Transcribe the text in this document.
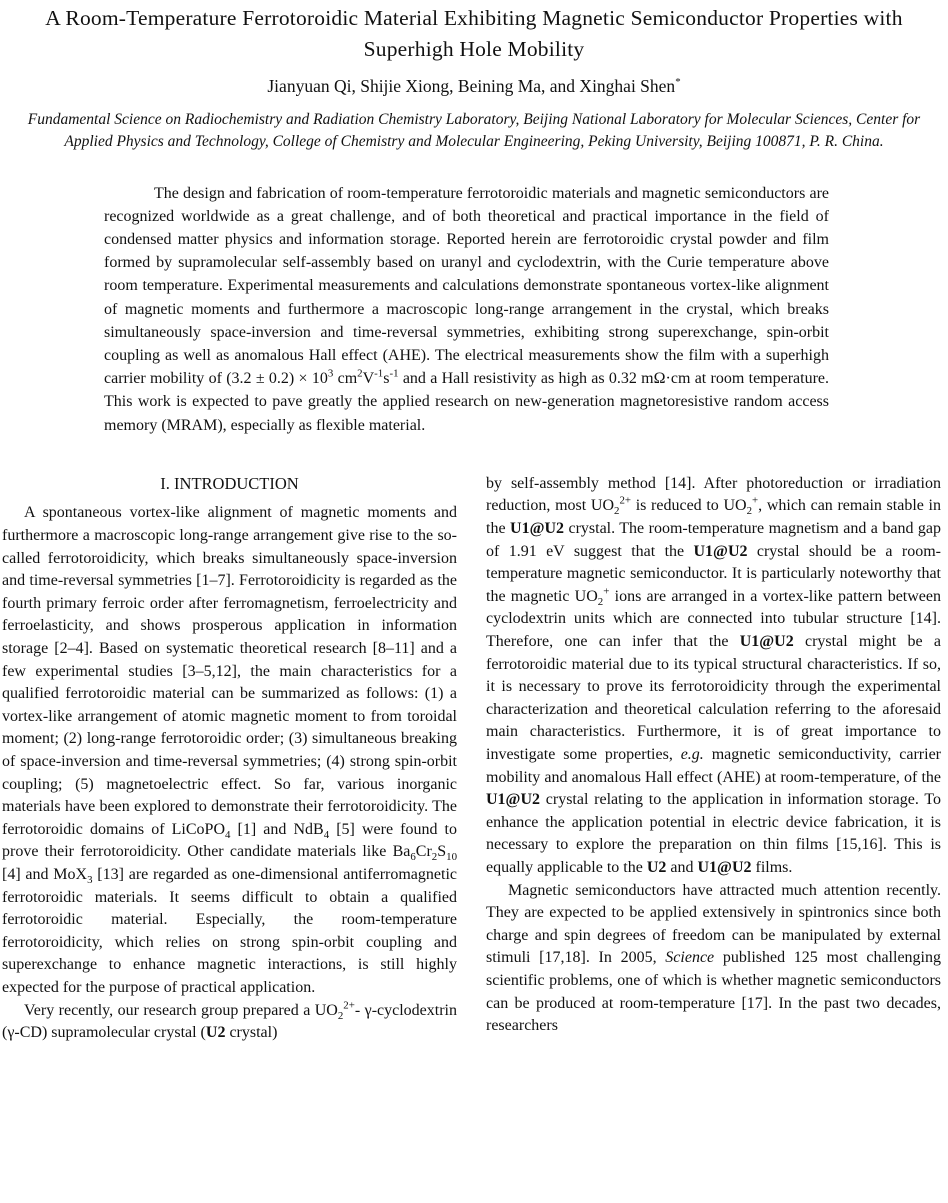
A Room-Temperature Ferrotoroidic Material Exhibiting Magnetic Semiconductor Properties with Superhigh Hole Mobility
Jianyuan Qi, Shijie Xiong, Beining Ma, and Xinghai Shen*
Fundamental Science on Radiochemistry and Radiation Chemistry Laboratory, Beijing National Laboratory for Molecular Sciences, Center for Applied Physics and Technology, College of Chemistry and Molecular Engineering, Peking University, Beijing 100871, P. R. China.
The design and fabrication of room-temperature ferrotoroidic materials and magnetic semiconductors are recognized worldwide as a great challenge, and of both theoretical and practical importance in the field of condensed matter physics and information storage. Reported herein are ferrotoroidic crystal powder and film formed by supramolecular self-assembly based on uranyl and cyclodextrin, with the Curie temperature above room temperature. Experimental measurements and calculations demonstrate spontaneous vortex-like alignment of magnetic moments and furthermore a macroscopic long-range arrangement in the crystal, which breaks simultaneously space-inversion and time-reversal symmetries, exhibiting strong superexchange, spin-orbit coupling as well as anomalous Hall effect (AHE). The electrical measurements show the film with a superhigh carrier mobility of $(3.2 \pm 0.2) \times 10^3$ $cm^2V^{-1}s^{-1}$ and a Hall resistivity as high as 0.32 mΩ·cm at room temperature. This work is expected to pave greatly the applied research on new-generation magnetoresistive random access memory (MRAM), especially as flexible material.
I. INTRODUCTION

A spontaneous vortex-like alignment of magnetic moments and furthermore a macroscopic long-range arrangement give rise to the so-called ferrotoroidicity, which breaks simultaneously space-inversion and time-reversal symmetries [1–7]. Ferrotoroidicity is regarded as the fourth primary ferroic order after ferromagnetism, ferroelectricity and ferroelasticity, and shows prosperous application in information storage [2–4]. Based on systematic theoretical research [8–11] and a few experimental studies [3–5,12], the main characteristics for a qualified ferrotoroidic material can be summarized as follows: (1) a vortex-like arrangement of atomic magnetic moment to from toroidal moment; (2) long-range ferrotoroidic order; (3) simultaneous breaking of space-inversion and time-reversal symmetries; (4) strong spin-orbit coupling; (5) magnetoelectric effect. So far, various inorganic materials have been explored to demonstrate their ferrotoroidicity. The ferrotoroidic domains of LiCoPO$_4$ [1] and NdB$_4$ [5] were found to prove their ferrotoroidicity. Other candidate materials like $Ba_6Cr_2S_{10}$ [4] and MoX$_3$ [13] are regarded as one-dimensional antiferromagnetic ferrotoroidic materials. It seems difficult to obtain a qualified ferrotoroidic material. Especially, the room-temperature ferrotoroidicity, which relies on strong spin-orbit coupling and superexchange to enhance magnetic interactions, is still highly expected for the purpose of practical application.

Very recently, our research group prepared a $UO_2^{2+}-$ γ-cyclodextrin (γ-CD) supramolecular crystal (U2 crystal)

by self-assembly method [14]. After photoreduction or irradiation reduction, most $UO_2^{2+}$ is reduced to $UO_2^+$, which can remain stable in the U1@U2 crystal. The room-temperature magnetism and a band gap of 1.91 eV suggest that the U1@U2 crystal should be a room-temperature magnetic semiconductor. It is particularly noteworthy that the magnetic $UO_2^+$ ions are arranged in a vortex-like pattern between cyclodextrin units which are connected into tubular structure [14]. Therefore, one can infer that the U1@U2 crystal might be a ferrotoroidic material due to its typical structural characteristics. If so, it is necessary to prove its ferrotoroidicity through the experimental characterization and theoretical calculation referring to the aforesaid main characteristics. Furthermore, it is of great importance to investigate some properties, e.g. magnetic semiconductivity, carrier mobility and anomalous Hall effect (AHE) at room-temperature, of the U1@U2 crystal relating to the application in information storage. To enhance the application potential in electric device fabrication, it is necessary to explore the preparation on thin films [15,16]. This is equally applicable to the U2 and U1@U2 films.

Magnetic semiconductors have attracted much attention recently. They are expected to be applied extensively in spintronics since both charge and spin degrees of freedom can be manipulated by external stimuli [17,18]. In 2005, Science published 125 most challenging scientific problems, one of which is whether magnetic semiconductors can be produced at room-temperature [17]. In the past two decades, researchers
